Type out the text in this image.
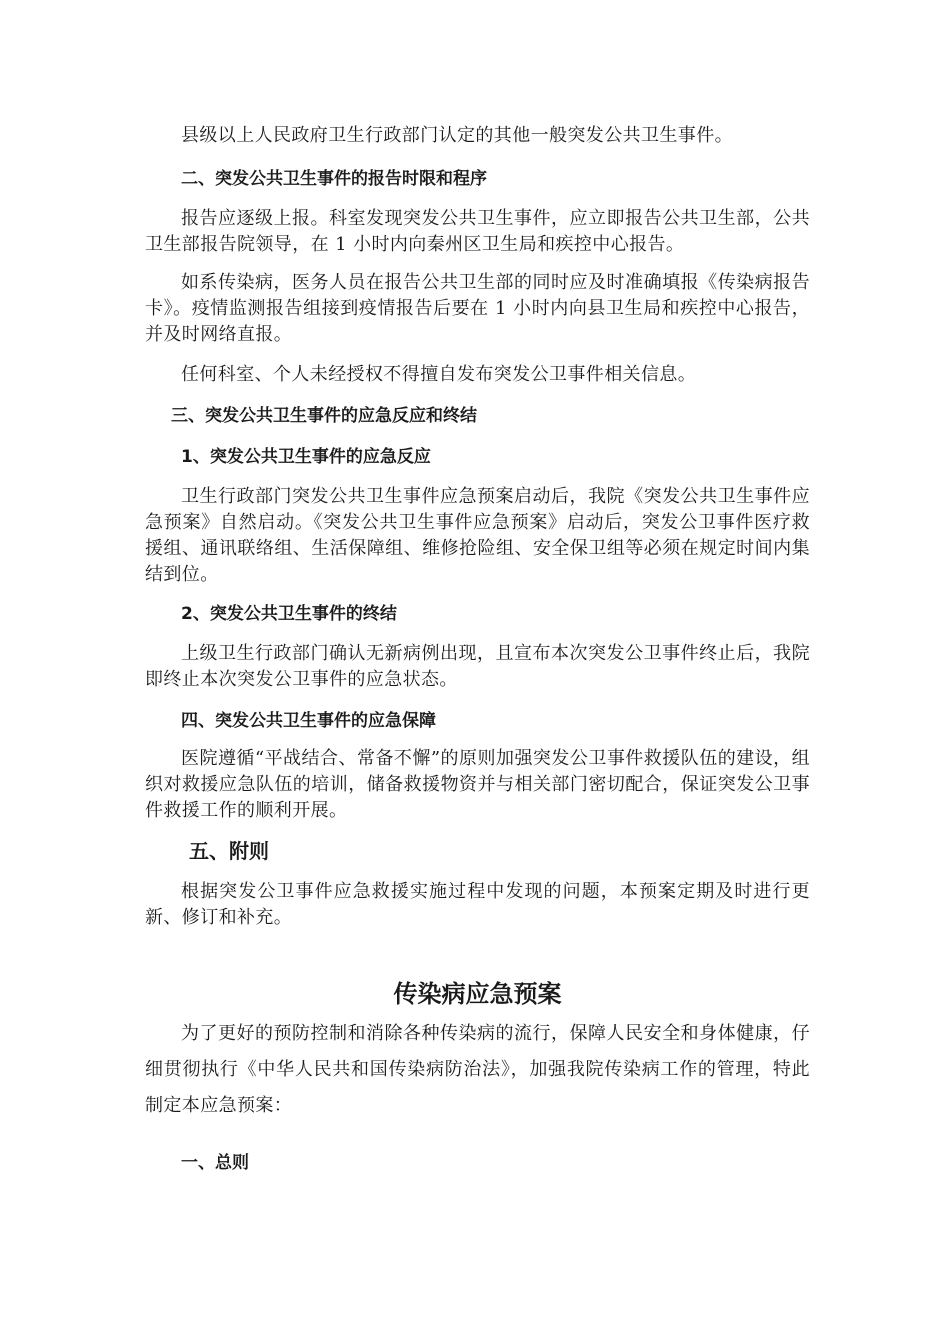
县级以上人民政府卫生行政部门认定的其他一般突发公共卫生事件。

二、突发公共卫生事件的报告时限和程序

报告应逐级上报。科室发现突发公共卫生事件，应立即报告公共卫生部，公共卫生部报告院领导，在 1 小时内向秦州区卫生局和疾控中心报告。

如系传染病，医务人员在报告公共卫生部的同时应及时准确填报《传染病报告卡》。疫情监测报告组接到疫情报告后要在 1 小时内向县卫生局和疾控中心报告，并及时网络直报。

任何科室、个人未经授权不得擅自发布突发公卫事件相关信息。

三、突发公共卫生事件的应急反应和终结

1、突发公共卫生事件的应急反应

卫生行政部门突发公共卫生事件应急预案启动后，我院《突发公共卫生事件应急预案》自然启动。《突发公共卫生事件应急预案》启动后，突发公卫事件医疗救援组、通讯联络组、生活保障组、维修抢险组、安全保卫组等必须在规定时间内集结到位。

2、突发公共卫生事件的终结

上级卫生行政部门确认无新病例出现，且宣布本次突发公卫事件终止后，我院即终止本次突发公卫事件的应急状态。

四、突发公共卫生事件的应急保障

医院遵循“平战结合、常备不懈”的原则加强突发公卫事件救援队伍的建设，组织对救援应急队伍的培训，储备救援物资并与相关部门密切配合，保证突发公卫事件救援工作的顺利开展。

五、附则

根据突发公卫事件应急救援实施过程中发现的问题，本预案定期及时进行更新、修订和补充。

传染病应急预案

为了更好的预防控制和消除各种传染病的流行，保障人民安全和身体健康，仔细贯彻执行《中华人民共和国传染病防治法》，加强我院传染病工作的管理，特此制定本应急预案：

一、总则
